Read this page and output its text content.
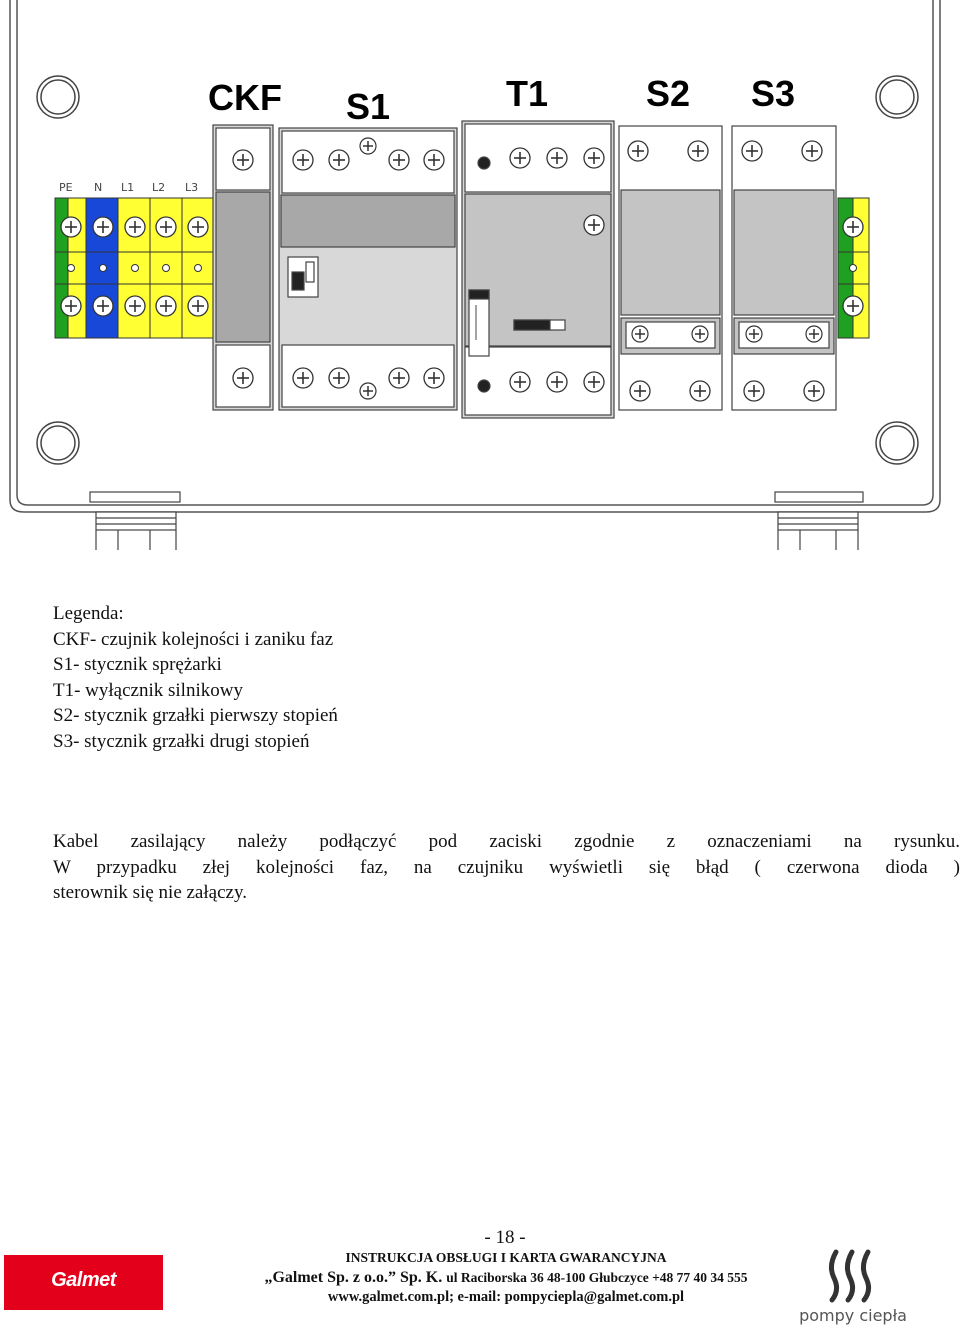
PE N L1 L2 L3
CKF S1	T1	S2 S3
Legenda:
CKF- czujnik kolejności i zaniku faz
S1- stycznik sprężarki
T1- wyłącznik silnikowy
S2- stycznik grzałki pierwszy stopień
S3- stycznik grzałki drugi stopień
Kabel zasilający należy podłączyć pod zaciski zgodnie z oznaczeniami na rysunku.
W przypadku złej kolejności faz, na czujniku wyświetli się błąd ( czerwona dioda )
sterownik się nie załączy.
- 18 -
INSTRUKCJA OBSŁUGI I KARTA GWARANCYJNA
„Galmet Sp. z o.o.” Sp. K. ul Raciborska 36 48-100 Głubczyce +48 77 40 34 555
www.galmet.com.pl; e-mail: pompyciepla@galmet.com.pl
Galmet
pompy ciepła
